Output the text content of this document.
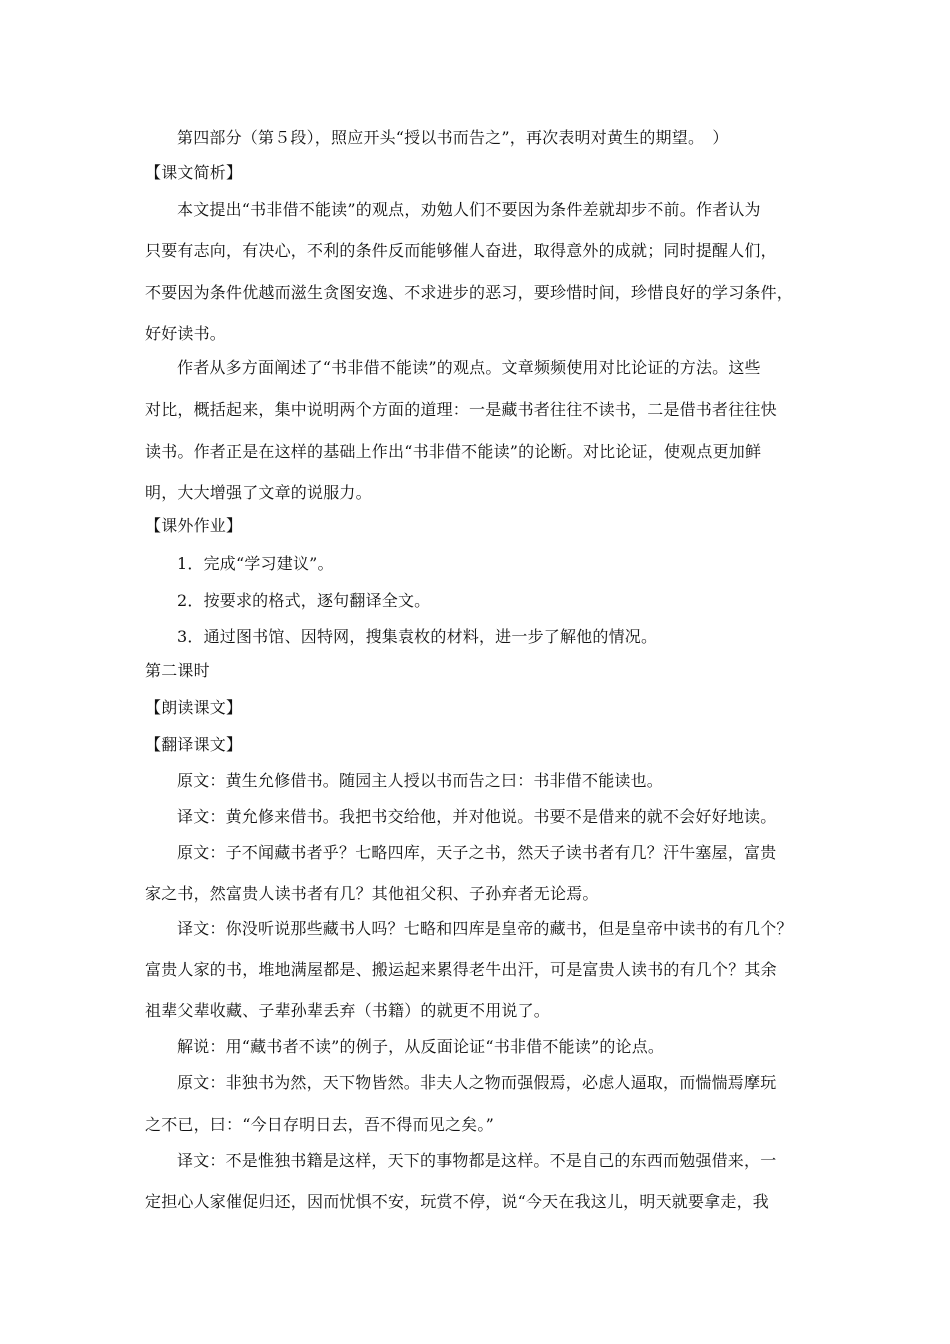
第四部分（第５段），照应开头“授以书而告之”，再次表明对黄生的期望。　）
【课文简析】
本文提出“书非借不能读”的观点，劝勉人们不要因为条件差就却步不前。作者认为
只要有志向，有决心，不利的条件反而能够催人奋进，取得意外的成就；同时提醒人们，
不要因为条件优越而滋生贪图安逸、不求进步的恶习，要珍惜时间，珍惜良好的学习条件，
好好读书。
作者从多方面阐述了“书非借不能读”的观点。文章频频使用对比论证的方法。这些
对比，概括起来，集中说明两个方面的道理：一是藏书者往往不读书，二是借书者往往快
读书。作者正是在这样的基础上作出“书非借不能读”的论断。对比论证，使观点更加鲜
明，大大增强了文章的说服力。
【课外作业】
1．完成“学习建议”。
2．按要求的格式，逐句翻译全文。
3．通过图书馆、因特网，搜集袁枚的材料，进一步了解他的情况。
第二课时
【朗读课文】
【翻译课文】
原文：黄生允修借书。随园主人授以书而告之曰：书非借不能读也。
译文：黄允修来借书。我把书交给他，并对他说。书要不是借来的就不会好好地读。
原文：子不闻藏书者乎？七略四库，天子之书，然天子读书者有几？汗牛塞屋，富贵
家之书，然富贵人读书者有几？其他祖父积、子孙弃者无论焉。
译文：你没听说那些藏书人吗？七略和四库是皇帝的藏书，但是皇帝中读书的有几个？
富贵人家的书，堆地满屋都是、搬运起来累得老牛出汗，可是富贵人读书的有几个？其余
祖辈父辈收藏、子辈孙辈丢弃（书籍）的就更不用说了。
解说：用“藏书者不读”的例子，从反面论证“书非借不能读”的论点。
原文：非独书为然，天下物皆然。非夫人之物而强假焉，必虑人逼取，而惴惴焉摩玩
之不已，曰：“今日存明日去，吾不得而见之矣。”
译文：不是惟独书籍是这样，天下的事物都是这样。不是自己的东西而勉强借来，一
定担心人家催促归还，因而忧惧不安，玩赏不停，说“今天在我这儿，明天就要拿走，我
